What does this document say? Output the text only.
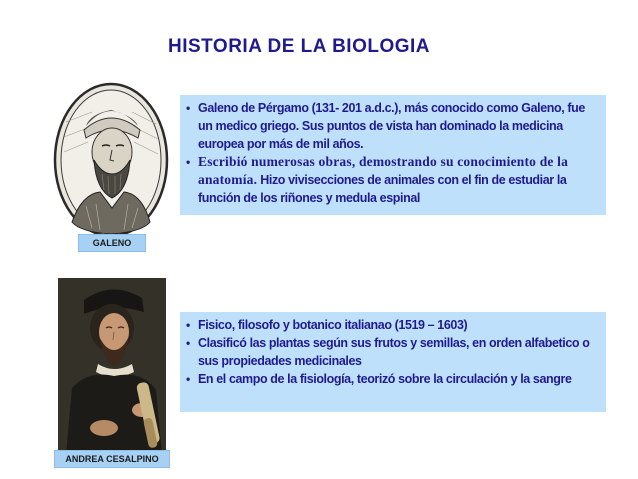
HISTORIA DE LA BIOLOGIA
GALENO
• Galeno de Pérgamo (131- 201 a.d.c.), más conocido como Galeno, fue un medico griego. Sus puntos de vista han dominado la medicina europea por más de mil años.
• Escribió numerosas obras, demostrando su conocimiento de la anatomía. Hizo vivisecciones de animales con el fin de estudiar la función de los riñones y medula espinal
ANDREA CESALPINO
• Fisico, filosofo y botanico italianao (1519 – 1603)
• Clasificó las plantas según sus frutos y semillas, en orden alfabetico o sus propiedades medicinales
• En el campo de la fisiología, teorizó sobre la circulación y la sangre
